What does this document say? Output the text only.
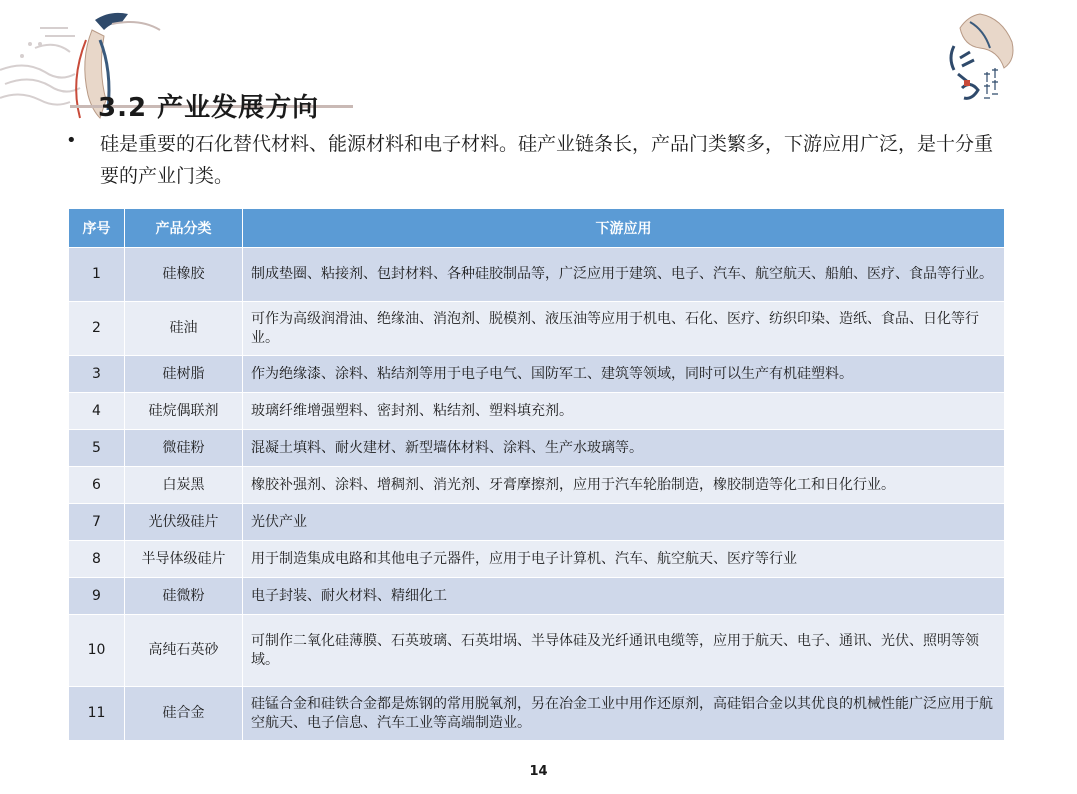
3.2 产业发展方向
• 硅是重要的石化替代材料、能源材料和电子材料。硅产业链条长，产品门类繁多，下游应用广泛，是十分重要的产业门类。
序号	产品分类	下游应用
1	硅橡胶	制成垫圈、粘接剂、包封材料、各种硅胶制品等，广泛应用于建筑、电子、汽车、航空航天、船舶、医疗、食品等行业。
2	硅油	可作为高级润滑油、绝缘油、消泡剂、脱模剂、液压油等应用于机电、石化、医疗、纺织印染、造纸、食品、日化等行业。
3	硅树脂	作为绝缘漆、涂料、粘结剂等用于电子电气、国防军工、建筑等领域，同时可以生产有机硅塑料。
4	硅烷偶联剂	玻璃纤维增强塑料、密封剂、粘结剂、塑料填充剂。
5	微硅粉	混凝土填料、耐火建材、新型墙体材料、涂料、生产水玻璃等。
6	白炭黑	橡胶补强剂、涂料、增稠剂、消光剂、牙膏摩擦剂，应用于汽车轮胎制造，橡胶制造等化工和日化行业。
7	光伏级硅片	光伏产业
8	半导体级硅片	用于制造集成电路和其他电子元器件，应用于电子计算机、汽车、航空航天、医疗等行业
9	硅微粉	电子封装、耐火材料、精细化工
10	高纯石英砂	可制作二氧化硅薄膜、石英玻璃、石英坩埚、半导体硅及光纤通讯电缆等，应用于航天、电子、通讯、光伏、照明等领域。
11	硅合金	硅锰合金和硅铁合金都是炼钢的常用脱氧剂，另在冶金工业中用作还原剂，高硅铝合金以其优良的机械性能广泛应用于航空航天、电子信息、汽车工业等高端制造业。
14
